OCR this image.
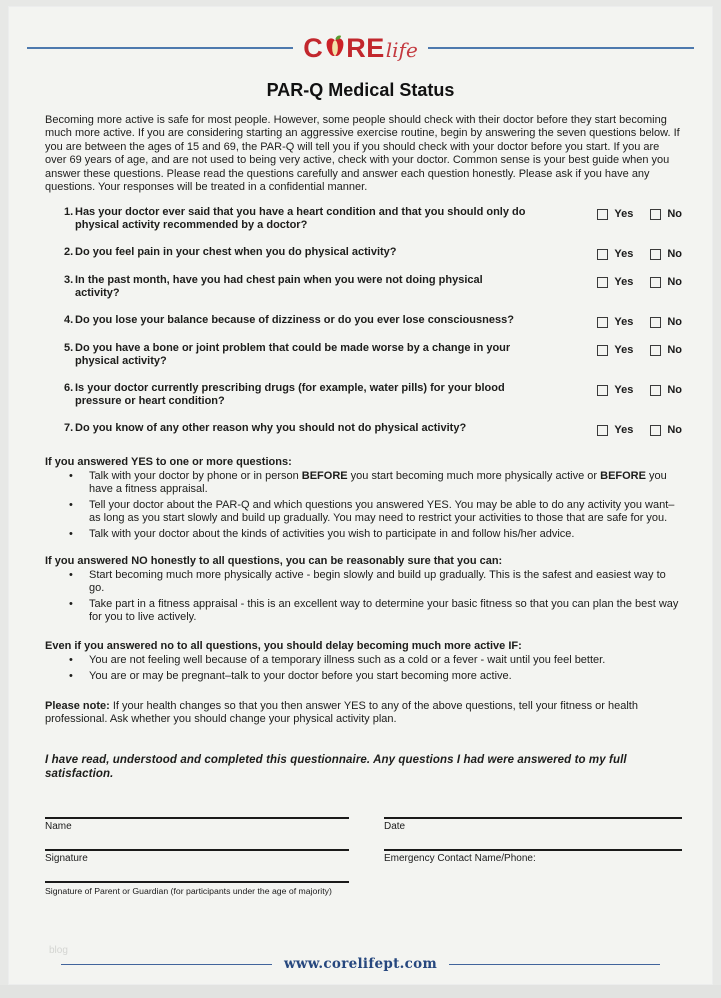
C RE life
PAR-Q Medical Status

Becoming more active is safe for most people. However, some people should check with their doctor before they start becoming much more active. If you are considering starting an aggressive exercise routine, begin by answering the seven questions below. If you are between the ages of 15 and 69, the PAR-Q will tell you if you should check with your doctor before you start. If you are over 69 years of age, and are not used to being very active, check with your doctor. Common sense is your best guide when you answer these questions. Please read the questions carefully and answer each question honestly. Please ask if you have any questions. Your responses will be treated in a confidential manner.

1. Has your doctor ever said that you have a heart condition and that you should only do physical activity recommended by a doctor?
Yes	No
2. Do you feel pain in your chest when you do physical activity?	Yes	No
3. In the past month, have you had chest pain when you were not doing physical activity?
Yes	No
4. Do you lose your balance because of dizziness or do you ever lose consciousness?	Yes	No
5. Do you have a bone or joint problem that could be made worse by a change in your physical activity?
Yes	No
6. Is your doctor currently prescribing drugs (for example, water pills) for your blood pressure or heart condition?
Yes	No
7. Do you know of any other reason why you should not do physical activity?	Yes	No
If you answered YES to one or more questions:
• Talk with your doctor by phone or in person BEFORE you start becoming much more physically active or BEFORE you have a fitness appraisal.
• Tell your doctor about the PAR-Q and which questions you answered YES. You may be able to do any activity you want–as long as you start slowly and build up gradually. You may need to restrict your activities to those that are safe for you.
• Talk with your doctor about the kinds of activities you wish to participate in and follow his/her advice.
If you answered NO honestly to all questions, you can be reasonably sure that you can:
• Start becoming much more physically active - begin slowly and build up gradually. This is the safest and easiest way to go.
• Take part in a fitness appraisal - this is an excellent way to determine your basic fitness so that you can plan the best way for you to live actively.
Even if you answered no to all questions, you should delay becoming much more active IF:
• You are not feeling well because of a temporary illness such as a cold or a fever - wait until you feel better.
• You are or may be pregnant–talk to your doctor before you start becoming more active.

Please note: If your health changes so that you then answer YES to any of the above questions, tell your fitness or health professional. Ask whether you should change your physical activity plan.

I have read, understood and completed this questionnaire. Any questions I had were answered to my full satisfaction.

Name
Signature
Signature of Parent or Guardian (for participants under the age of majority)
Date
Emergency Contact Name/Phone:
blog
www.corelifept.com
